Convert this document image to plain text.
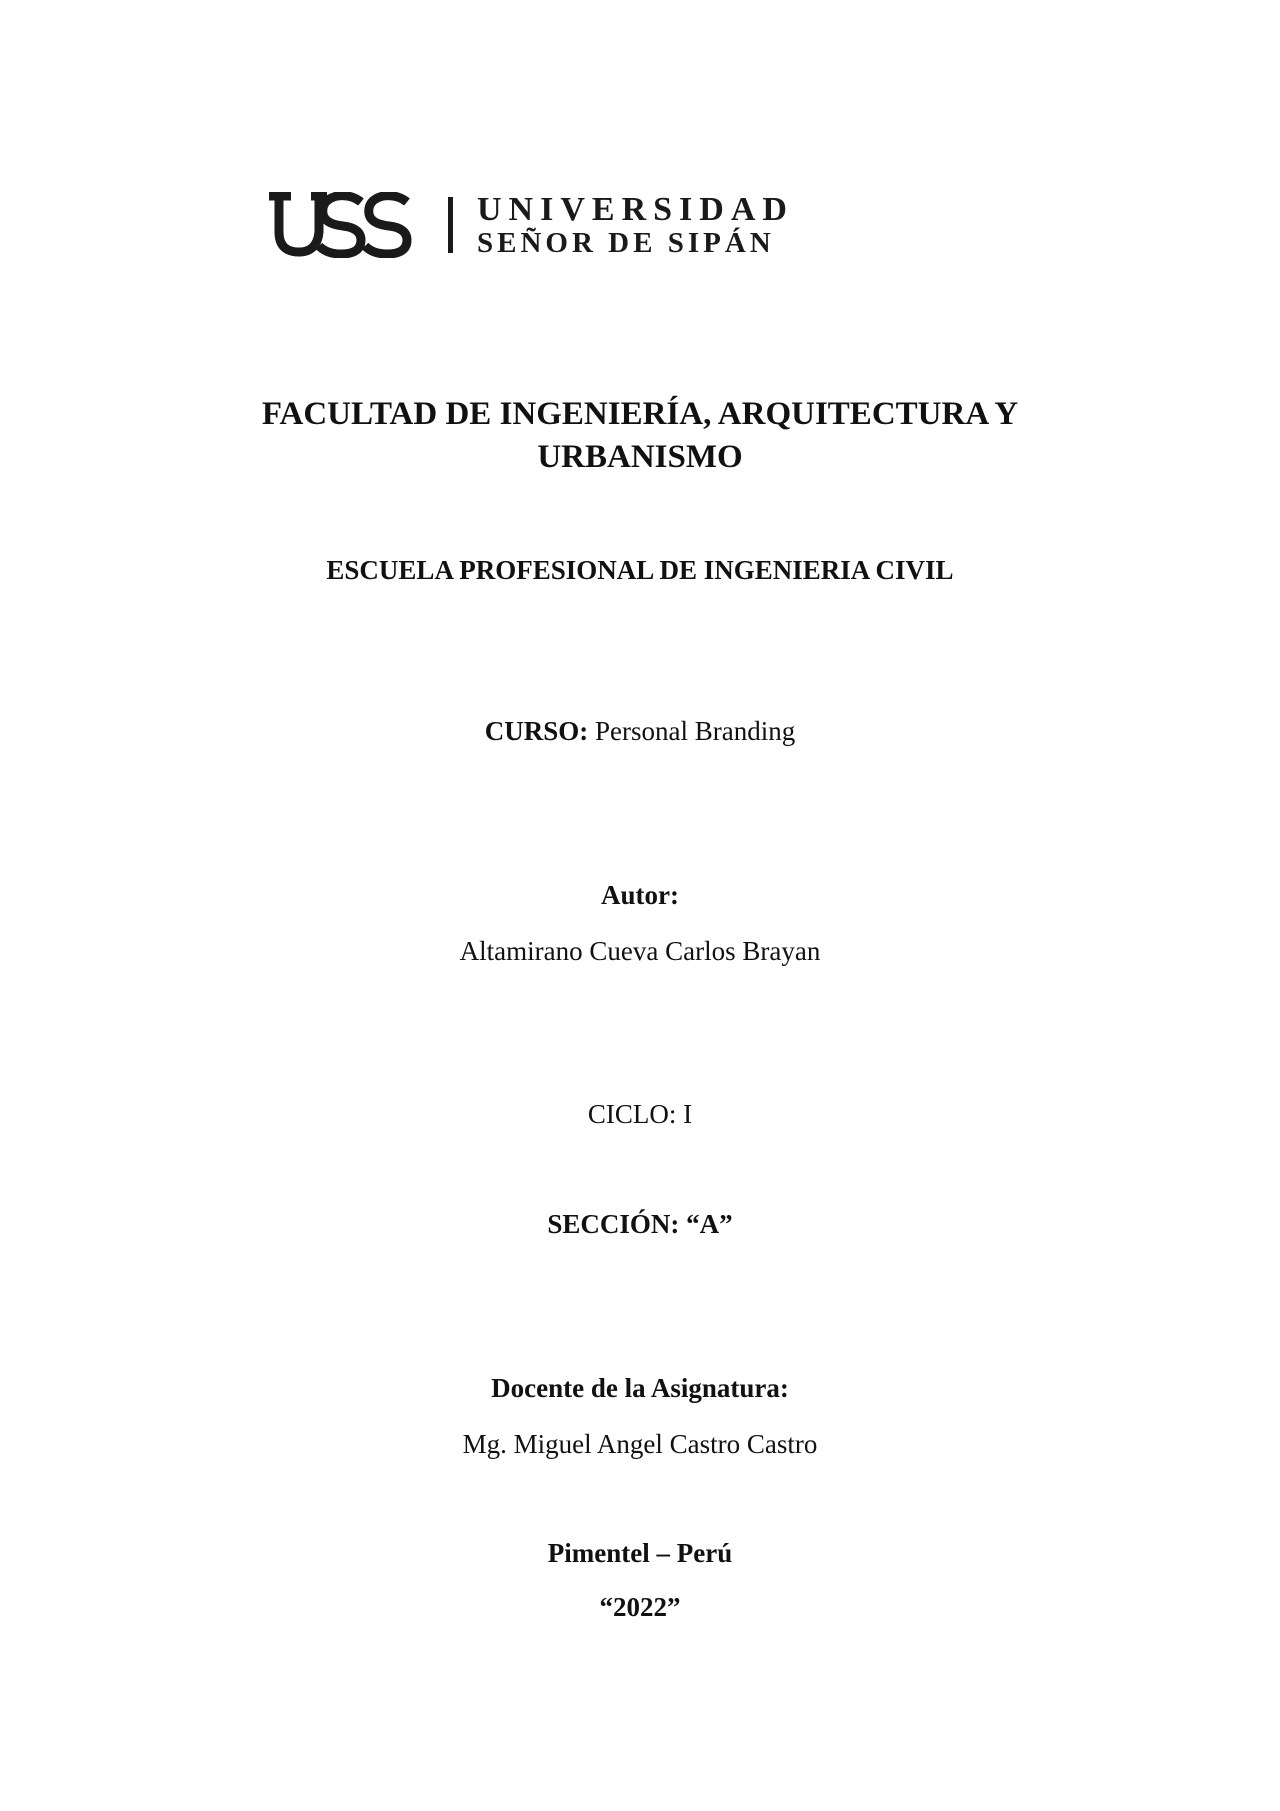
UNIVERSIDAD
SEÑOR DE SIPÁN
FACULTAD DE INGENIERÍA, ARQUITECTURA Y URBANISMO
ESCUELA PROFESIONAL DE INGENIERIA CIVIL
CURSO: Personal Branding
Autor:
Altamirano Cueva Carlos Brayan
CICLO: I
SECCIÓN: “A”
Docente de la Asignatura:
Mg. Miguel Angel Castro Castro
Pimentel – Perú
“2022”
